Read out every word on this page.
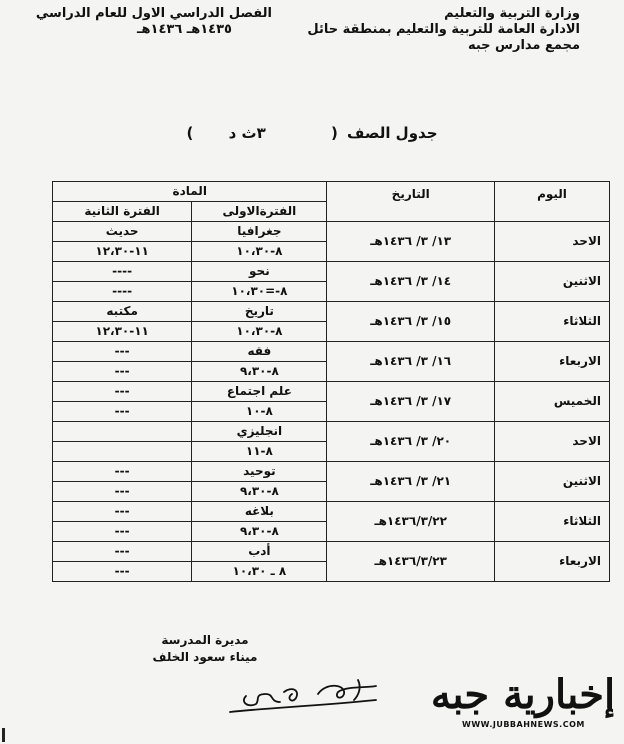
وزارة التربية والتعليم
الادارة العامة للتربية والتعليم بمنطقة حائل
مجمع مدارس جبه
الفصل الدراسي الاول للعام الدراسي
١٤٣٥هـ ١٤٣٦هـ
جدول الصف ( ٣ث د )
اليوم	التاريخ	المادة	
		الفترةالاولى	الفترة الثانية
الاحد	١٣/ ٣/ ١٤٣٦هـ	جغرافيا	حديث
		٨-١٠،٣٠	١١-١٢،٣٠
الاثنين	١٤/ ٣/ ١٤٣٦هـ	نحو	----
		٨-=١٠،٣٠	----
الثلاثاء	١٥/ ٣/ ١٤٣٦هـ	تاريخ	مكتبه
		٨-١٠،٣٠	١١-١٢،٣٠
الاربعاء	١٦/ ٣/ ١٤٣٦هـ	فقه	---
		٨-٩،٣٠	---
الخميس	١٧/ ٣/ ١٤٣٦هـ	علم اجتماع	---
		٨-١٠	---
الاحد	٢٠/ ٣/ ١٤٣٦هـ	انجليزي	
		٨-١١	
الاثنين	٢١/ ٣/ ١٤٣٦هـ	توحيد	---
		٨-٩،٣٠	---
الثلاثاء	١٤٣٦/٣/٢٢هـ	بلاغه	---
		٨-٩،٣٠	---
الاربعاء	١٤٣٦/٣/٢٣هـ	أدب	---
		٨ ـ ١٠،٣٠	---
مديرة المدرسة
ميناء سعود الخلف
إخبارية جبه
WWW.JUBBAHNEWS.COM
